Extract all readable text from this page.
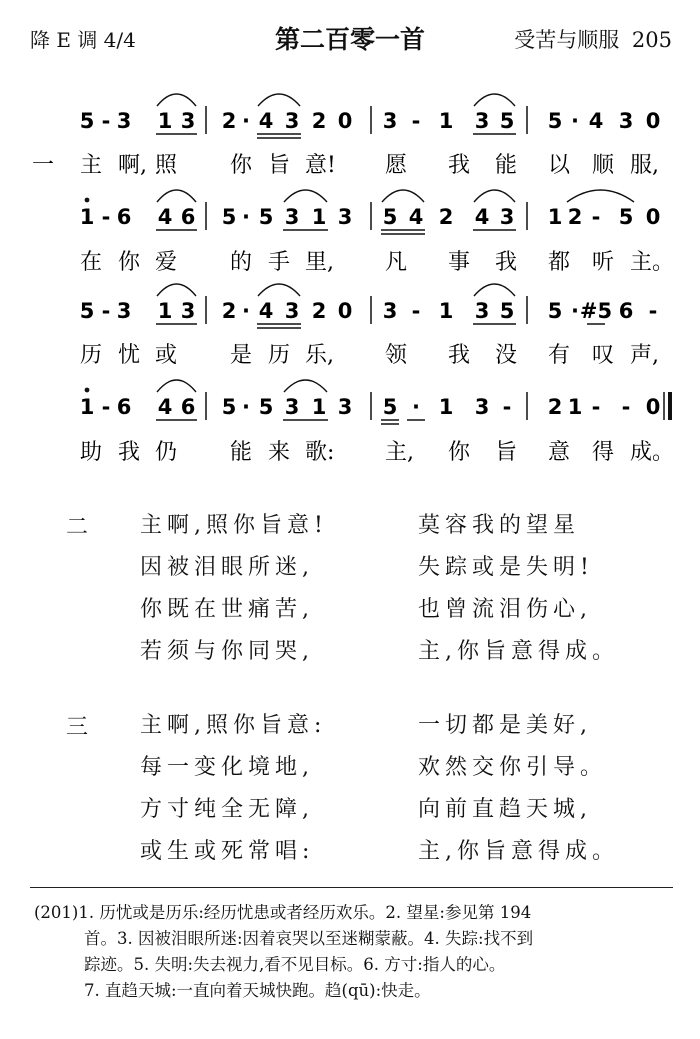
降 E 调 4/4	第二百零一首	受苦与顺服 205
5 - 3 1 3 2 · 4 3 2 0 3 - 1 3 5 5 · 4 3 0
1 - 6 4 6 5 · 5 3 1 3 5 4 2 4 3 1 2 - 5 0
5 - 3 1 3 2 · 4 3 2 0 3 - 1 3 5 5 · #5 6 -
1 - 6 4 6 5 · 5 3 1 3 5 · 1 3 - 2 1 - - 0
一 主 啊, 照 你 旨 意! 愿 我 能 以 顺 服,
在 你 爱 的 手 里, 凡 事 我 都 听 主。
历 忧 或 是 历 乐, 领 我 没 有 叹 声,
助 我 仍 能 来 歌: 主, 你 旨 意 得 成。
二 主啊,照你旨意!	莫容我的望星
因被泪眼所迷,	失踪或是失明!
你既在世痛苦,	也曾流泪伤心,
若须与你同哭,	主,你旨意得成。
三 主啊,照你旨意:	一切都是美好,
每一变化境地,	欢然交你引导。
方寸纯全无障,	向前直趋天城,
或生或死常唱:	主,你旨意得成。
(201)1. 历忧或是历乐:经历忧患或者经历欢乐。2. 望星:参见第 194
首。3. 因被泪眼所迷:因着哀哭以至迷糊蒙蔽。4. 失踪:找不到
踪迹。5. 失明:失去视力,看不见目标。6. 方寸:指人的心。
7. 直趋天城:一直向着天城快跑。趋(qū):快走。
